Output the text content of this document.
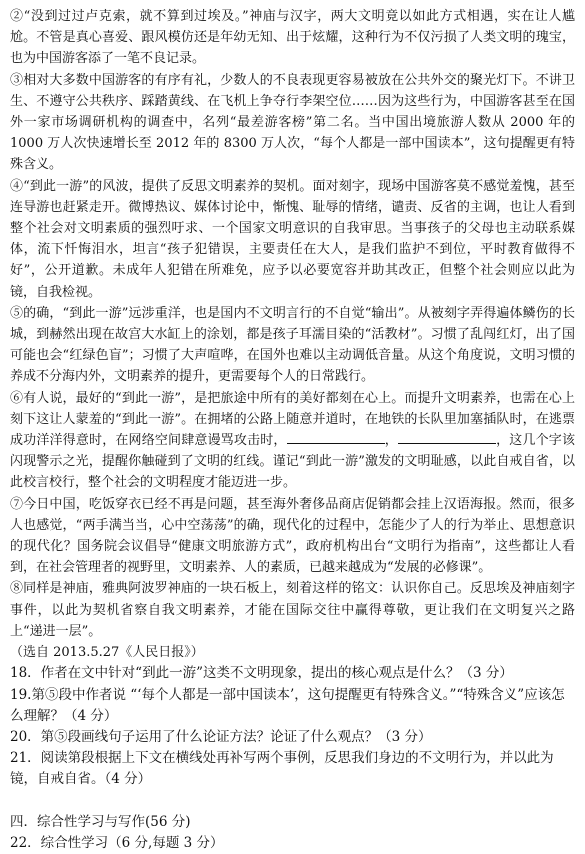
②“没到过过卢克索，就不算到过埃及。”神庙与汉字，两大文明竟以如此方式相遇，实在让人尴尬。不管是真心喜爱、跟风模仿还是年幼无知、出于炫耀，这种行为不仅污损了人类文明的瑰宝，也为中国游客添了一笔不良记录。

③相对大多数中国游客的有序有礼，少数人的不良表现更容易被放在公共外交的聚光灯下。不讲卫生、不遵守公共秩序、踩踏黄线、在飞机上争夺行李架空位……因为这些行为，中国游客甚至在国外一家市场调研机构的调查中，名列“最差游客榜”第二名。当中国出境旅游人数从 2000 年的 1000 万人次快速增长至 2012 年的 8300 万人次，“每个人都是一部中国读本”，这句提醒更有特殊含义。

④“到此一游”的风波，提供了反思文明素养的契机。面对刻字，现场中国游客莫不感觉羞愧，甚至连导游也赶紧走开。微博热议、媒体讨论中，惭愧、耻辱的情绪，谴责、反省的主调，也让人看到整个社会对文明素质的强烈吁求、一个国家文明意识的自我审思。当事孩子的父母也主动联系媒体，流下忏悔泪水，坦言“孩子犯错误，主要责任在大人，是我们监护不到位，平时教育做得不好”，公开道歉。未成年人犯错在所难免，应予以必要宽容并助其改正，但整个社会则应以此为镜，自我检视。

⑤的确，“到此一游”远涉重洋，也是国内不文明言行的不自觉“输出”。从被刻字弄得遍体鳞伤的长城，到赫然出现在故宫大水缸上的涂划，都是孩子耳濡目染的“活教材”。习惯了乱闯红灯，出了国可能也会“红绿色盲”；习惯了大声喧哗，在国外也难以主动调低音量。从这个角度说，文明习惯的养成不分海内外，文明素养的提升，更需要每个人的日常践行。

⑥有人说，最好的“到此一游”，是把旅途中所有的美好都刻在心上。而提升文明素养，也需在心上刻下这让人蒙羞的“到此一游”。在拥堵的公路上随意并道时，在地铁的长队里加塞插队时，在逃票成功洋洋得意时，在网络空间肆意谩骂攻击时，	，	，这几个字该闪现警示之光，提醒你触碰到了文明的红线。谨记“到此一游”激发的文明耻感，以此自戒自省，以此校言校行，整个社会的文明程度才能迈进一步。

⑦今日中国，吃饭穿衣已经不再是问题，甚至海外奢侈品商店促销都会挂上汉语海报。然而，很多人也感觉，“两手满当当，心中空荡荡”的确，现代化的过程中，怎能少了人的行为举止、思想意识的现代化？国务院会议倡导“健康文明旅游方式”，政府机构出台“文明行为指南”，这些都让人看到，在社会管理者的视野里，文明素养、人的素质，已越来越成为“发展的必修课”。

⑧同样是神庙，雅典阿波罗神庙的一块石板上，刻着这样的铭文：认识你自己。反思埃及神庙刻字事件，以此为契机省察自我文明素养，才能在国际交往中赢得尊敬，更让我们在文明复兴之路上“递进一层”。

（选自 2013.5.27《人民日报》）

18．作者在文中针对“到此一游”这类不文明现象，提出的核心观点是什么？（3 分）

19.第⑤段中作者说 “‘每个人都是一部中国读本’，这句提醒更有特殊含义。”“特殊含义”应该怎么理解？（4 分）

20．第⑤段画线句子运用了什么论证方法？论证了什么观点？（3 分）

21．阅读第段根据上下文在横线处再补写两个事例，反思我们身边的不文明行为，并以此为镜，自戒自省。（4 分）

四．综合性学习与写作(56 分)

22．综合性学习（6 分,每题 3 分）
